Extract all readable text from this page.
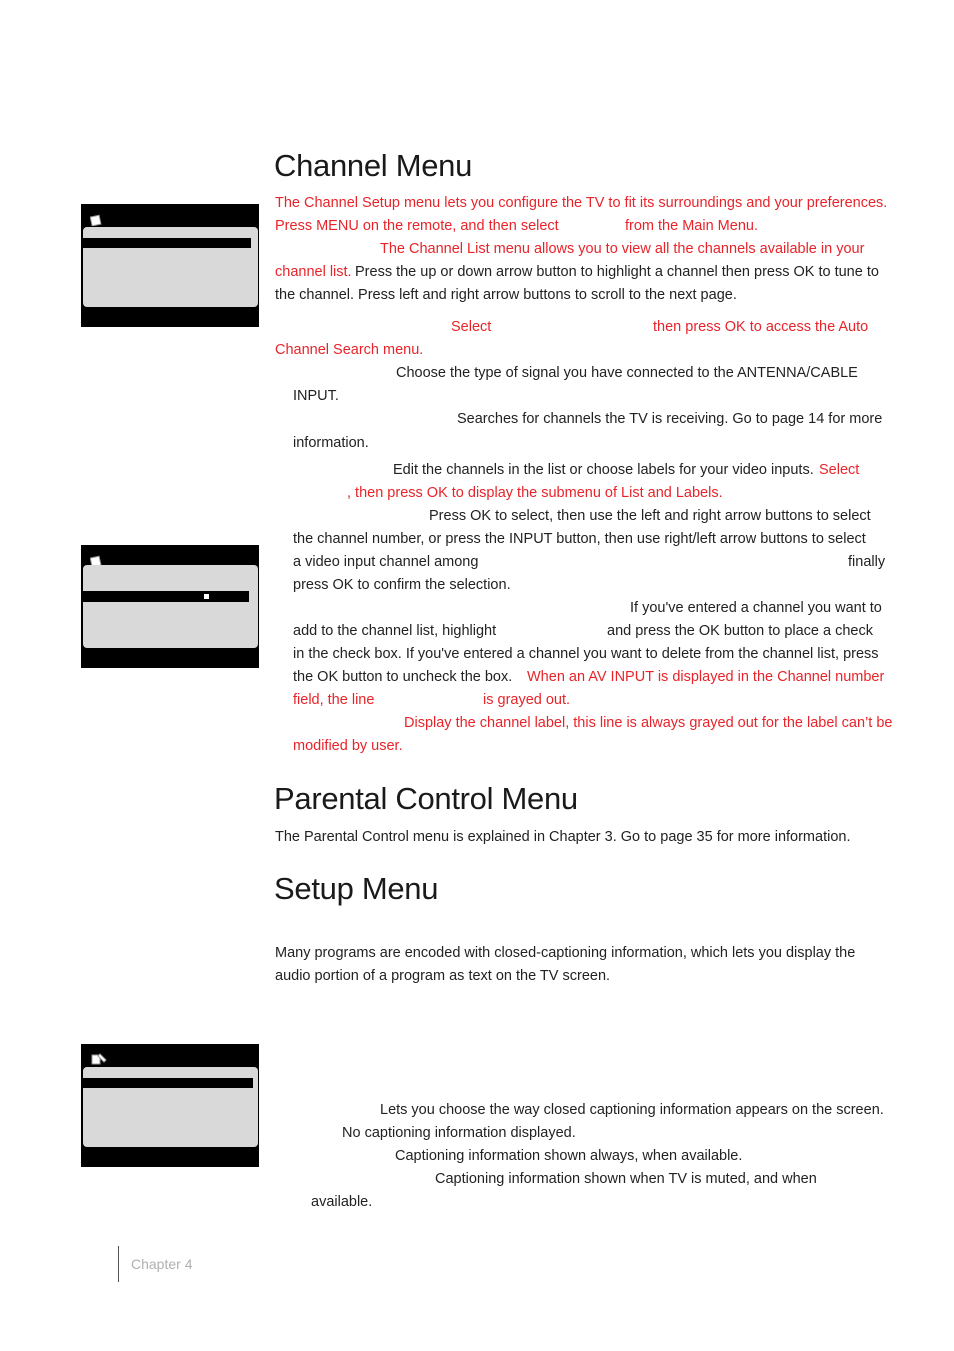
Channel Menu
The Channel Setup menu lets you configure the TV to fit its surroundings and your preferences.
Press MENU on the remote, and then select	from the Main Menu.
The Channel List menu allows you to view all the channels available in your
channel list. Press the up or down arrow button to highlight a channel then press OK to tune to
the channel. Press left and right arrow buttons to scroll to the next page.
Select	then press OK to access the Auto
Channel Search menu.
Choose the type of signal you have connected to the ANTENNA/CABLE
INPUT.
Searches for channels the TV is receiving. Go to page 14 for more
information.
Edit the channels in the list or choose labels for your video inputs. Select
, then press OK to display the submenu of List and Labels.
Press OK to select, then use the left and right arrow buttons to select
the channel number, or press the INPUT button, then use right/left arrow buttons to select
a video input channel among	finally
press OK to confirm the selection.
If you've entered a channel you want to
add to the channel list, highlight	and press the OK button to place a check
in the check box. If you've entered a channel you want to delete from the channel list, press
the OK button to uncheck the box. When an AV INPUT is displayed in the Channel number
field, the line	is grayed out.
Display the channel label, this line is always grayed out for the label can’t be
modified by user.
Parental Control Menu
The Parental Control menu is explained in Chapter 3. Go to page 35 for more information.
Setup Menu
Many programs are encoded with closed-captioning information, which lets you display the
audio portion of a program as text on the TV screen.
Lets you choose the way closed captioning information appears on the screen.
No captioning information displayed.
Captioning information shown always, when available.
Captioning information shown when TV is muted, and when
available.
Chapter 4
